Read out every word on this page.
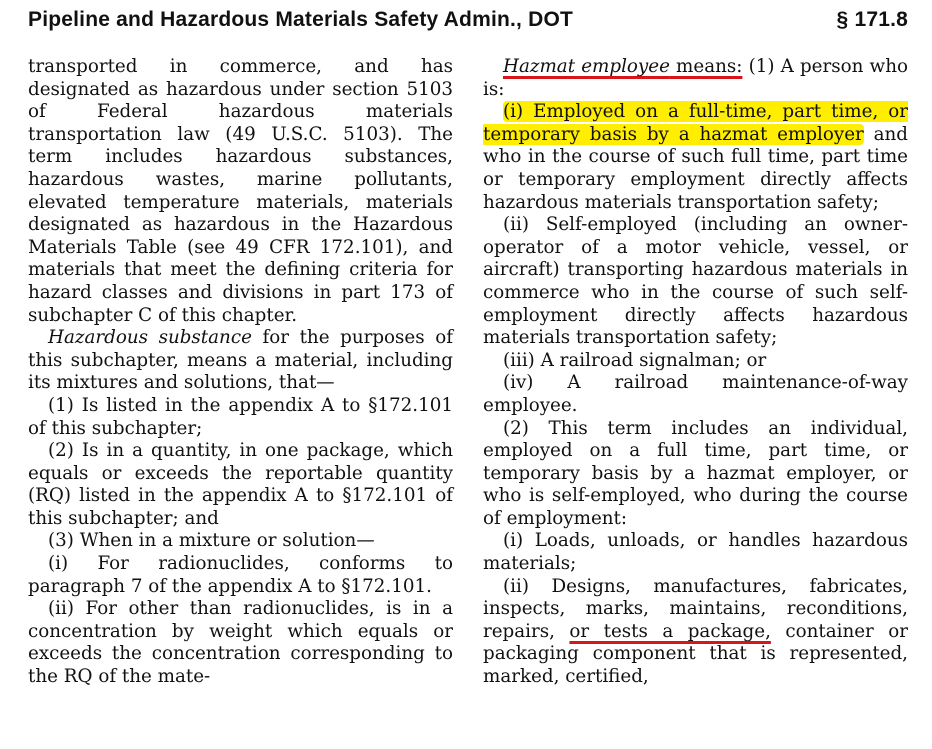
Pipeline and Hazardous Materials Safety Admin., DOT	§ 171.8

transported in commerce, and has designated as hazardous under section 5103 of Federal hazardous materials transportation law (49 U.S.C. 5103). The term includes hazardous substances, hazardous wastes, marine pollutants, elevated temperature materials, materials designated as hazardous in the Hazardous Materials Table (see 49 CFR 172.101), and materials that meet the defining criteria for hazard classes and divisions in part 173 of subchapter C of this chapter.

Hazardous substance for the purposes of this subchapter, means a material, including its mixtures and solutions, that—

(1) Is listed in the appendix A to §172.101 of this subchapter;

(2) Is in a quantity, in one package, which equals or exceeds the reportable quantity (RQ) listed in the appendix A to §172.101 of this subchapter; and

(3) When in a mixture or solution—

(i) For radionuclides, conforms to paragraph 7 of the appendix A to §172.101.

(ii) For other than radionuclides, is in a concentration by weight which equals or exceeds the concentration corresponding to the RQ of the mate-

Hazmat employee means: (1) A person who is:

(i) Employed on a full-time, part time, or temporary basis by a hazmat employer and who in the course of such full time, part time or temporary employment directly affects hazardous materials transportation safety;

(ii) Self-employed (including an owner-operator of a motor vehicle, vessel, or aircraft) transporting hazardous materials in commerce who in the course of such self-employment directly affects hazardous materials transportation safety;

(iii) A railroad signalman; or

(iv) A railroad maintenance-of-way employee.

(2) This term includes an individual, employed on a full time, part time, or temporary basis by a hazmat employer, or who is self-employed, who during the course of employment:

(i) Loads, unloads, or handles hazardous materials;

(ii) Designs, manufactures, fabricates, inspects, marks, maintains, reconditions, repairs, or tests a package, container or packaging component that is represented, marked, certified,
